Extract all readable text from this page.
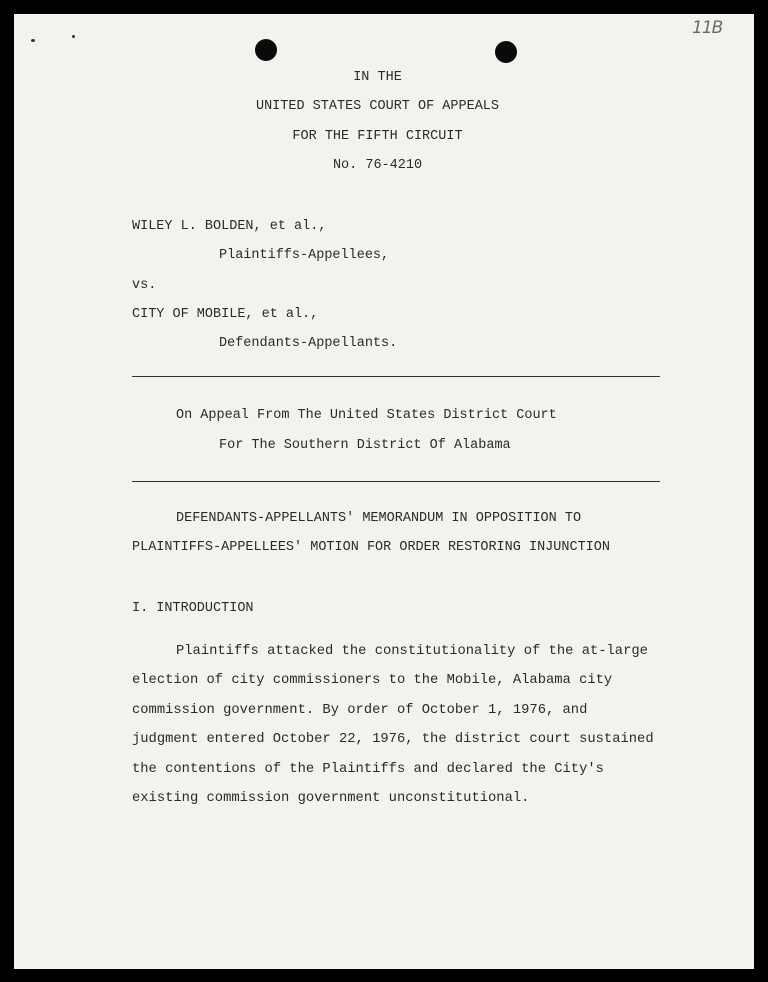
11B
IN THE
UNITED STATES COURT OF APPEALS
FOR THE FIFTH CIRCUIT
No. 76-4210
WILEY L. BOLDEN, et al.,
Plaintiffs-Appellees,
vs.
CITY OF MOBILE, et al.,
Defendants-Appellants.
On Appeal From The United States District Court
For The Southern District Of Alabama
DEFENDANTS-APPELLANTS' MEMORANDUM IN OPPOSITION TO
PLAINTIFFS-APPELLEES' MOTION FOR ORDER RESTORING INJUNCTION
I. INTRODUCTION
Plaintiffs attacked the constitutionality of the at-large
election of city commissioners to the Mobile, Alabama city
commission government. By order of October 1, 1976, and
judgment entered October 22, 1976, the district court sustained
the contentions of the Plaintiffs and declared the City's
existing commission government unconstitutional.
